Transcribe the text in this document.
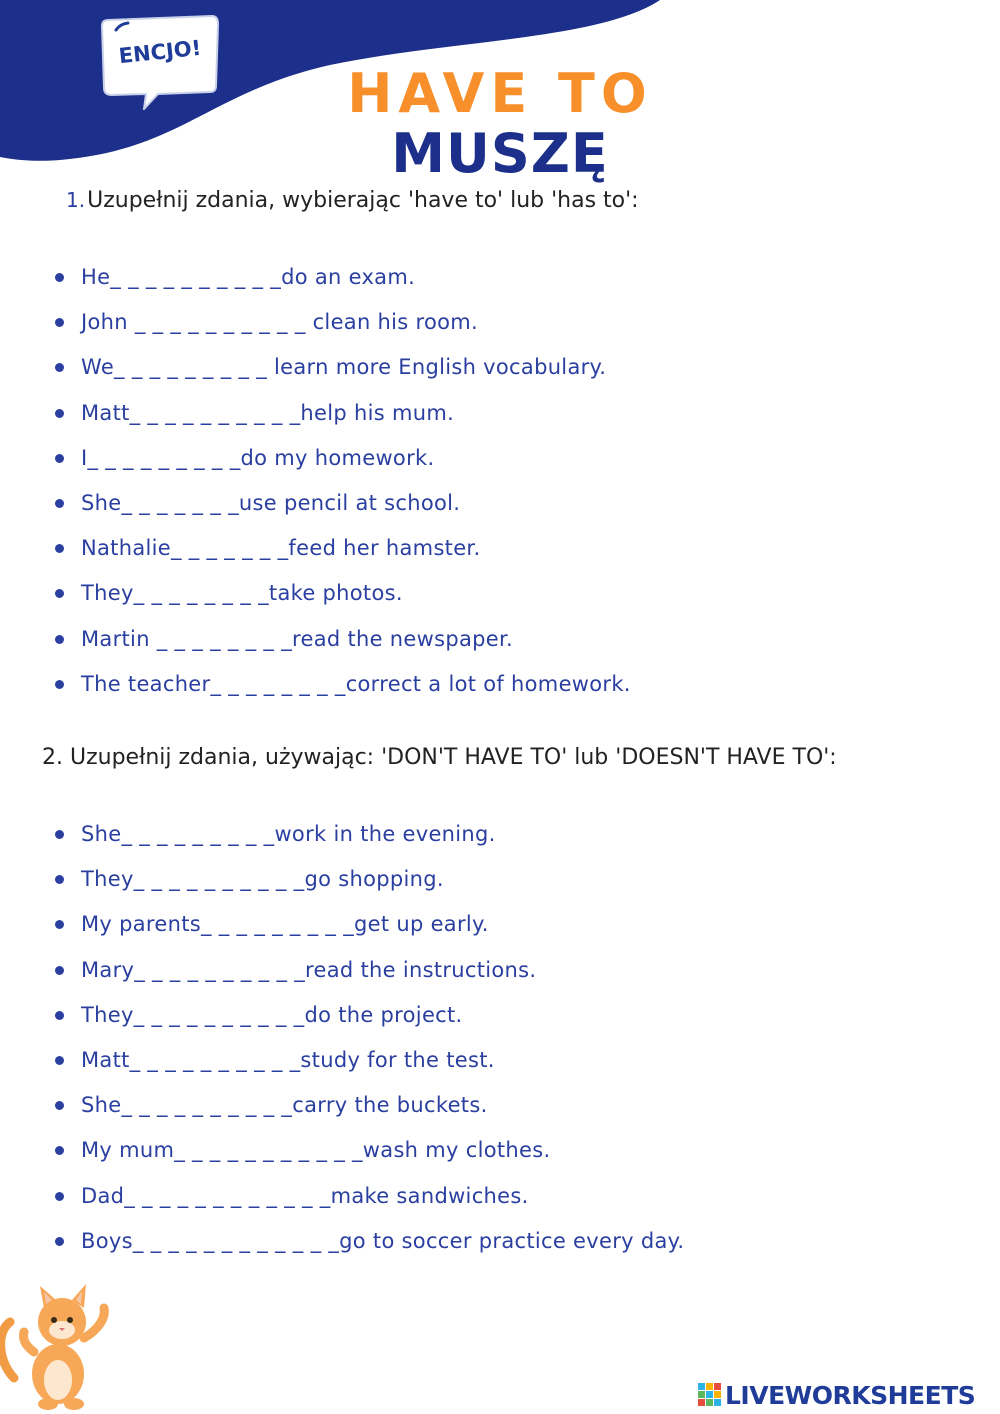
ENCJO!
HAVE TO
MUSZĘ
1.Uzupełnij zdania, wybierając 'have to' lub 'has to':
He_ _ _ _ _ _ _ _ _ _do an exam.
John _ _ _ _ _ _ _ _ _ _ clean his room.
We_ _ _ _ _ _ _ _ _ learn more English vocabulary.
Matt_ _ _ _ _ _ _ _ _ _help his mum.
I_ _ _ _ _ _ _ _ _do my homework.
She_ _ _ _ _ _ _use pencil at school.
Nathalie_ _ _ _ _ _ _feed her hamster.
They_ _ _ _ _ _ _ _take photos.
Martin _ _ _ _ _ _ _ _read the newspaper.
The teacher_ _ _ _ _ _ _ _correct a lot of homework.
2. Uzupełnij zdania, używając: 'DON'T HAVE TO' lub 'DOESN'T HAVE TO':
She_ _ _ _ _ _ _ _ _work in the evening.
They_ _ _ _ _ _ _ _ _ _go shopping.
My parents_ _ _ _ _ _ _ _ _get up early.
Mary_ _ _ _ _ _ _ _ _ _read the instructions.
They_ _ _ _ _ _ _ _ _ _do the project.
Matt_ _ _ _ _ _ _ _ _ _study for the test.
She_ _ _ _ _ _ _ _ _ _carry the buckets.
My mum_ _ _ _ _ _ _ _ _ _ _wash my clothes.
Dad_ _ _ _ _ _ _ _ _ _ _ _make sandwiches.
Boys_ _ _ _ _ _ _ _ _ _ _ _go to soccer practice every day.
LIVEWORKSHEETS
